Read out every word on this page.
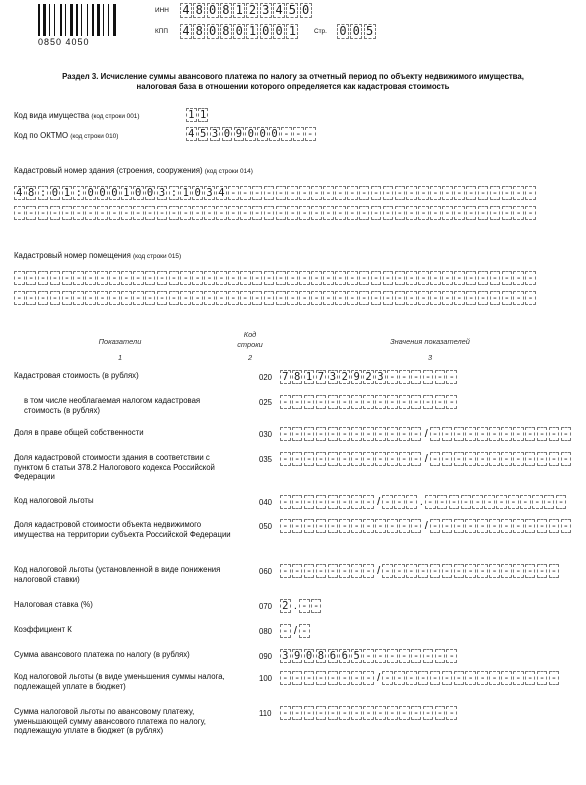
0850 4050
ИНН 4 8 0 8 1 2 3 4 5 0
КПП 4 8 0 8 0 1 0 0 1	Стр. 0 0 5
Раздел 3. Исчисление суммы авансового платежа по налогу за отчетный период по объекту недвижимого имущества,
налоговая база в отношении которого определяется как кадастровая стоимость
Код вида имущества (код строки 001)	1 1
Код по ОКТМО (код строки 010)	4 5 3 0 9 0 0 0 - - -
Кадастровый номер здания (строения, сооружения) (код строки 014)
4 8 : 0 1 : 0 0 0 1 0 0 3 : 1 0 3 4 - - - - - - - - - - - - - - - - - - - - - - - - - -
- - - - - - - - - - - - - - - - - - - - - - - - - - - - - - - - - - - - - - - - - - - -
Кадастровый номер помещения (код строки 015)
- - - - - - - - - - - - - - - - - - - - - - - - - - - - - - - - - - - - - - - - - - - -
- - - - - - - - - - - - - - - - - - - - - - - - - - - - - - - - - - - - - - - - - - - -
Показатели
Код
строки	Значения показателей
1	2	3
Кадастровая стоимость (в рублях)	020 7 8 1 7 3 2 9 2 З - - - - - -
в том числе необлагаемая налогом кадастровая стоимость (в рублях)
025 - - - - - - - - - - - - - - -
Доля в праве общей собственности	030 - - - - - - - - - - - - / - - - - - - - - - - - -
Доля кадастровой стоимости здания в соответствии с пунктом 6 статьи 378.2 Налогового кодекса Российской Федерации
035 - - - - - - - - - - - - / - - - - - - - - - - - -
Код налоговой льготы	040 - - - - - - - - / - - - . - - - - - - - - - - - -
Доля кадастровой стоимости объекта недвижимого имущества на территории субъекта Российской Федерации
050 - - - - - - - - - - - - / - - - - - - - - - - - -
Код налоговой льготы (установленной в виде понижения налоговой ставки)
060 - - - - - - - - / - - - - - - - - - - - - - - -
Налоговая ставка (%)	070 2 . - -
Коэффициент К	080 - / -
Сумма авансового платежа по налогу (в рублях)	090 3 9 0 8 6 6 5 - - - - - - - -
Код налоговой льготы (в виде уменьшения суммы налога, подлежащей уплате в бюджет)
100 - - - - - - - - / - - - - - - - - - - - - - - -
Сумма налоговой льготы по авансовому платежу, уменьшающей сумму авансового платежа по налогу, подлежащую уплате в бюджет (в рублях)
110 - - - - - - - - - - - - - - -
